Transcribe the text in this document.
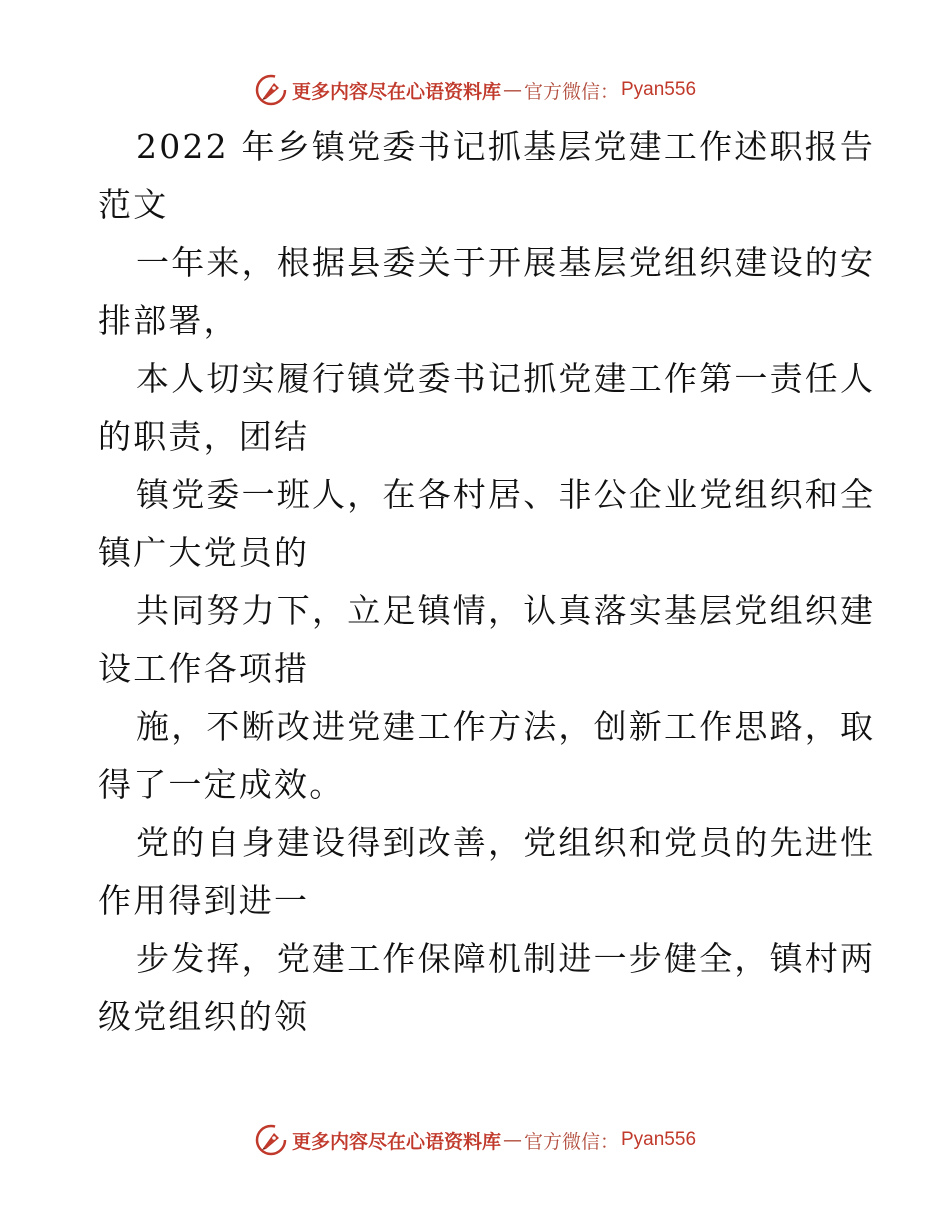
更多内容尽在心语资料库 — 官方微信： Pyan556
2022 年乡镇党委书记抓基层党建工作述职报告
范文
一年来，根据县委关于开展基层党组织建设的安
排部署，
本人切实履行镇党委书记抓党建工作第一责任人
的职责，团结
镇党委一班人，在各村居、非公企业党组织和全
镇广大党员的
共同努力下，立足镇情，认真落实基层党组织建
设工作各项措
施，不断改进党建工作方法，创新工作思路，取
得了一定成效。
党的自身建设得到改善，党组织和党员的先进性
作用得到进一
步发挥，党建工作保障机制进一步健全，镇村两
级党组织的领
更多内容尽在心语资料库 — 官方微信： Pyan556
